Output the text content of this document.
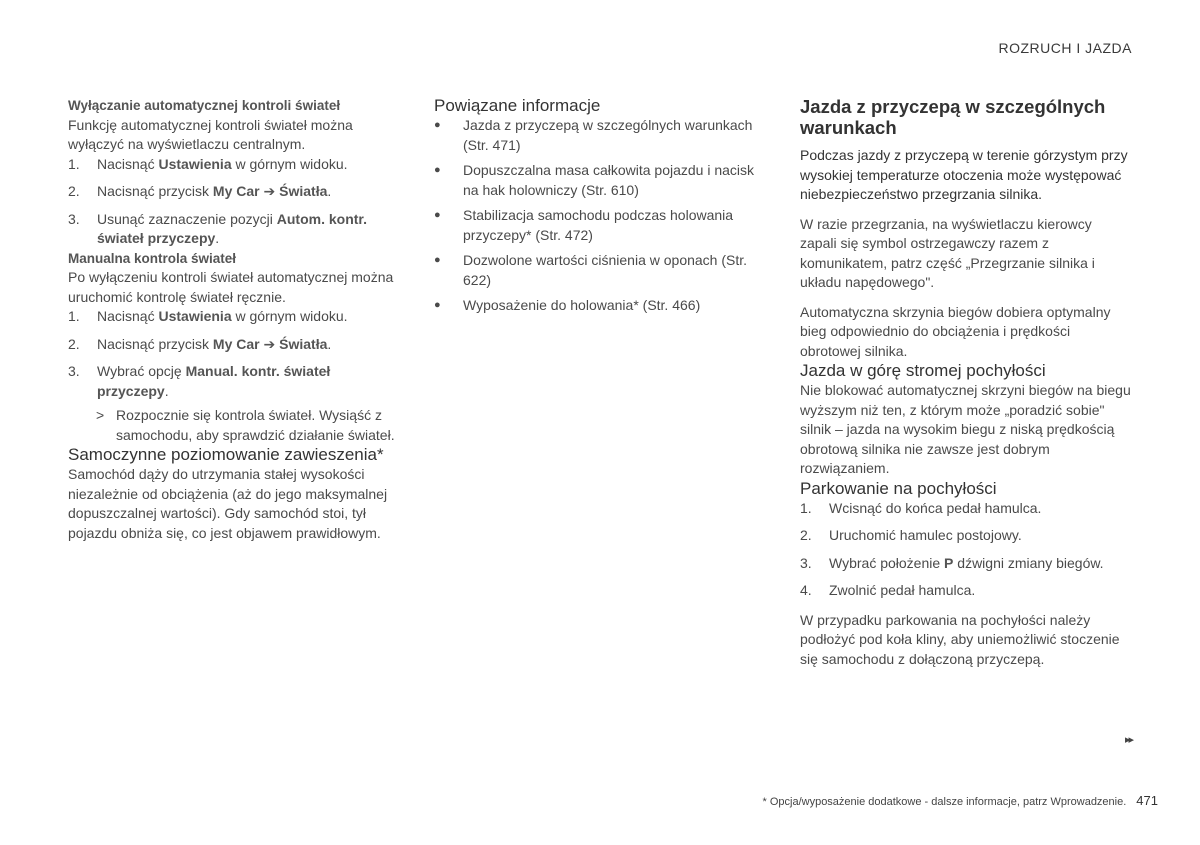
ROZRUCH I JAZDA
Wyłączanie automatycznej kontroli świateł

Funkcję automatycznej kontroli świateł można wyłączyć na wyświetlaczu centralnym.

1. Nacisnąć Ustawienia w górnym widoku.
2. Nacisnąć przycisk My Car ➔ Światła.
3. Usunąć zaznaczenie pozycji Autom. kontr. świateł przyczepy.
Manualna kontrola świateł

Po wyłączeniu kontroli świateł automatycznej można uruchomić kontrolę świateł ręcznie.

1. Nacisnąć Ustawienia w górnym widoku.
2. Nacisnąć przycisk My Car ➔ Światła.
3. Wybrać opcję Manual. kontr. świateł przyczepy.
> Rozpocznie się kontrola świateł. Wysiąść z samochodu, aby sprawdzić działanie świateł.
Samoczynne poziomowanie zawieszenia*

Samochód dąży do utrzymania stałej wysokości niezależnie od obciążenia (aż do jego maksymalnej dopuszczalnej wartości). Gdy samochód stoi, tył pojazdu obniża się, co jest objawem prawidłowym.

Powiązane informacje
● Jazda z przyczepą w szczególnych warunkach (Str. 471)
● Dopuszczalna masa całkowita pojazdu i nacisk na hak holowniczy (Str. 610)
● Stabilizacja samochodu podczas holowania przyczepy* (Str. 472)
● Dozwolone wartości ciśnienia w oponach (Str. 622)
● Wyposażenie do holowania* (Str. 466)
Jazda z przyczepą w szczególnych warunkach

Podczas jazdy z przyczepą w terenie górzystym przy wysokiej temperaturze otoczenia może występować niebezpieczeństwo przegrzania silnika.

W razie przegrzania, na wyświetlaczu kierowcy zapali się symbol ostrzegawczy razem z komunikatem, patrz część „Przegrzanie silnika i układu napędowego".

Automatyczna skrzynia biegów dobiera optymalny bieg odpowiednio do obciążenia i prędkości obrotowej silnika.

Jazda w górę stromej pochyłości

Nie blokować automatycznej skrzyni biegów na biegu wyższym niż ten, z którym może „poradzić sobie" silnik – jazda na wysokim biegu z niską prędkością obrotową silnika nie zawsze jest dobrym rozwiązaniem.

Parkowanie na pochyłości
1. Wcisnąć do końca pedał hamulca.
2. Uruchomić hamulec postojowy.
3. Wybrać położenie P dźwigni zmiany biegów.
4. Zwolnić pedał hamulca.

W przypadku parkowania na pochyłości należy podłożyć pod koła kliny, aby uniemożliwić stoczenie się samochodu z dołączoną przyczepą.

▸▸
* Opcja/wyposażenie dodatkowe - dalsze informacje, patrz Wprowadzenie. 471
